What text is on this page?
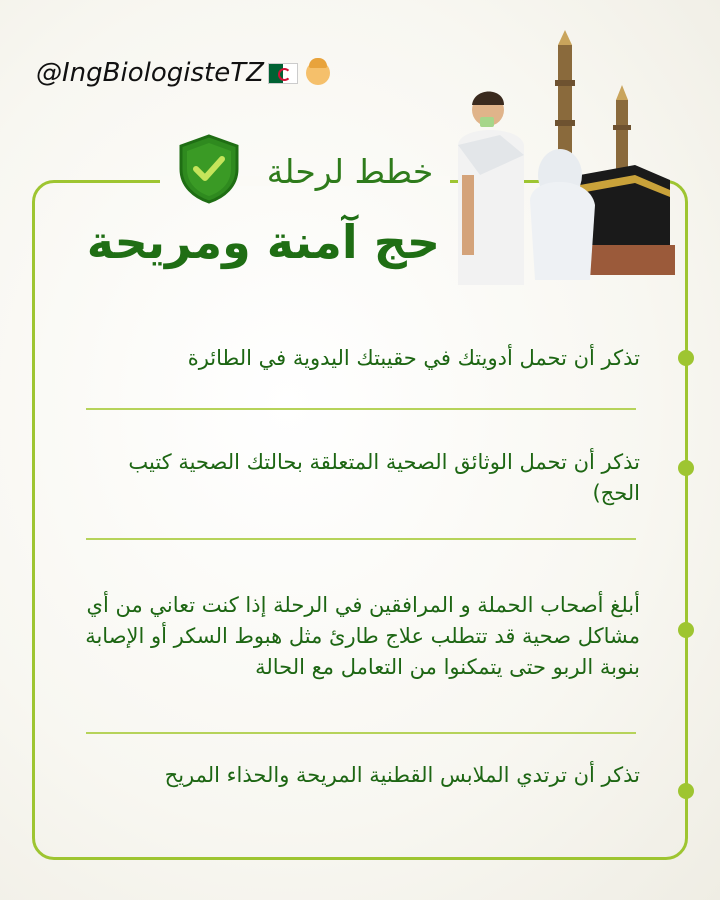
@IngBiologisteTZ
خطط لرحلة
حج آمنة ومريحة
تذكر أن تحمل أدويتك في حقيبتك اليدوية في الطائرة
تذكر أن تحمل الوثائق الصحية المتعلقة بحالتك الصحية كتيب الحج)
أبلغ أصحاب الحملة و المرافقين في الرحلة إذا كنت تعاني من أي مشاكل صحية قد تتطلب علاج طارئ مثل هبوط السكر أو الإصابة بنوبة الربو حتى يتمكنوا من التعامل مع الحالة
تذكر أن ترتدي الملابس القطنية المريحة والحذاء المريح
